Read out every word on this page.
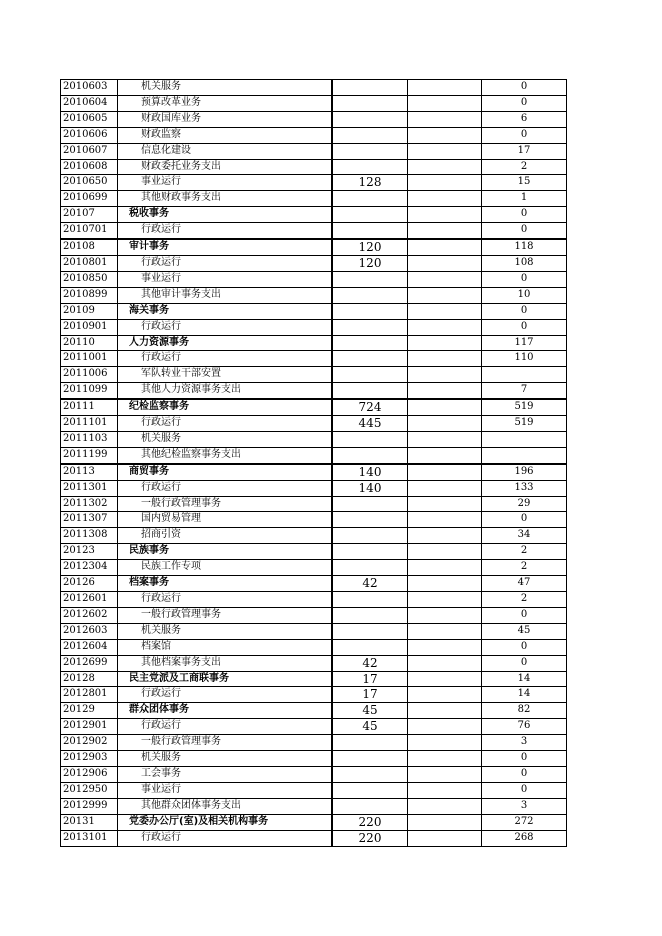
2010603	机关服务			0
2010604	预算改革业务			0
2010605	财政国库业务			6
2010606	财政监察			0
2010607	信息化建设			17
2010608	财政委托业务支出			2
2010650	事业运行	128		15
2010699	其他财政事务支出			1
20107	税收事务			0
2010701	行政运行			0
20108	审计事务	120		118
2010801	行政运行	120		108
2010850	事业运行			0
2010899	其他审计事务支出			10
20109	海关事务			0
2010901	行政运行			0
20110	人力资源事务			117
2011001	行政运行			110
2011006	军队转业干部安置			
2011099	其他人力资源事务支出			7
20111	纪检监察事务	724		519
2011101	行政运行	445		519
2011103	机关服务			
2011199	其他纪检监察事务支出			
20113	商贸事务	140		196
2011301	行政运行	140		133
2011302	一般行政管理事务			29
2011307	国内贸易管理			0
2011308	招商引资			34
20123	民族事务			2
2012304	民族工作专项			2
20126	档案事务	42		47
2012601	行政运行			2
2012602	一般行政管理事务			0
2012603	机关服务			45
2012604	档案馆			0
2012699	其他档案事务支出	42		0
20128	民主党派及工商联事务	17		14
2012801	行政运行	17		14
20129	群众团体事务	45		82
2012901	行政运行	45		76
2012902	一般行政管理事务			3
2012903	机关服务			0
2012906	工会事务			0
2012950	事业运行			0
2012999	其他群众团体事务支出			3
20131	党委办公厅(室)及相关机构事务	220		272
2013101	行政运行	220		268
